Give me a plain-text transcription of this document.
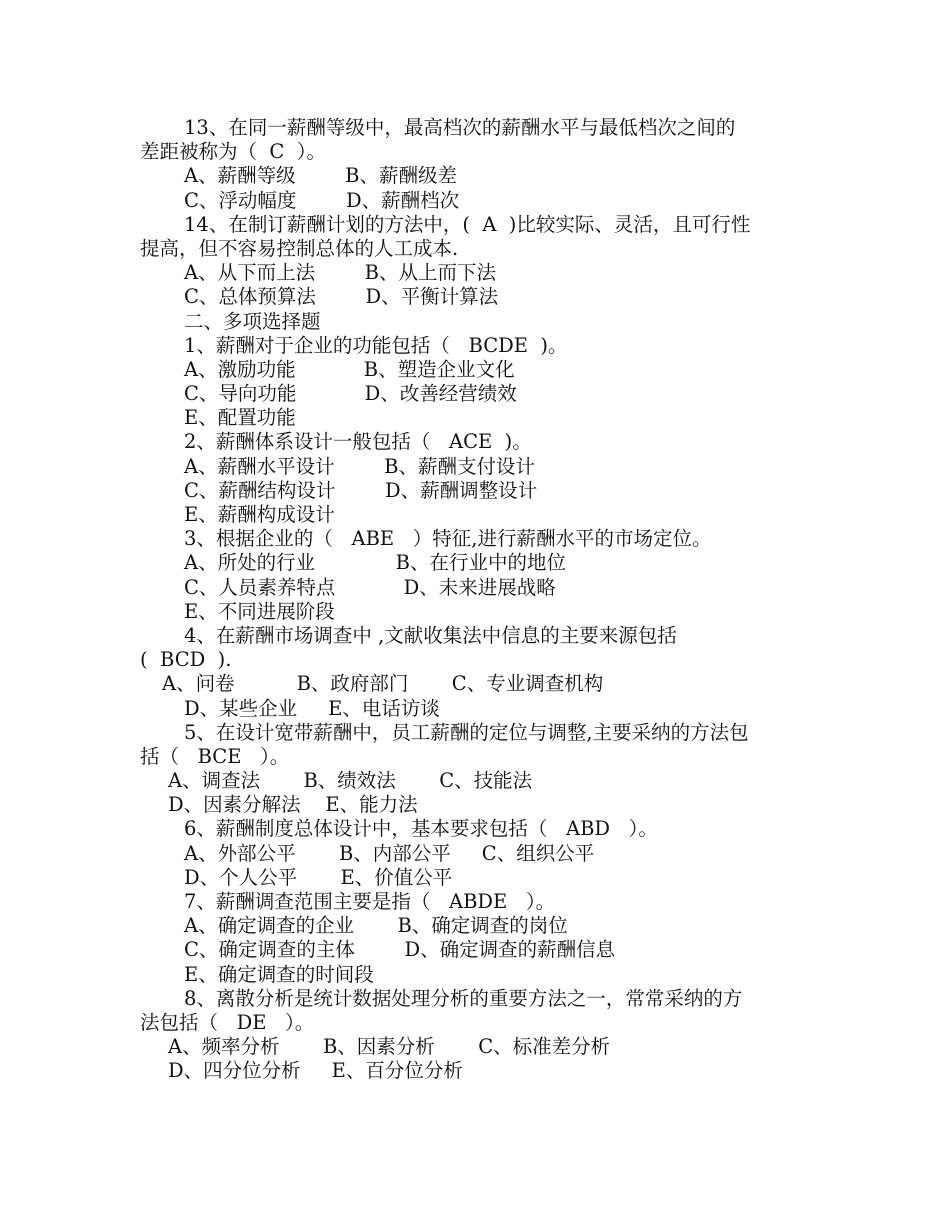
13、在同一薪酬等级中，最高档次的薪酬水平与最低档次之间的
差距被称为（  C  ）。
A、薪酬等级        B、薪酬级差
C、浮动幅度        D、薪酬档次
14、在制订薪酬计划的方法中，(  A  )比较实际、灵活，且可行性
提高，但不容易控制总体的人工成本.
A、从下而上法        B、从上而下法
C、总体预算法        D、平衡计算法
二、多项选择题
1、薪酬对于企业的功能包括（   BCDE  )。
A、激励功能           B、塑造企业文化
C、导向功能           D、改善经营绩效
E、配置功能
2、薪酬体系设计一般包括（   ACE  )。
A、薪酬水平设计        B、薪酬支付设计
C、薪酬结构设计        D、薪酬调整设计
E、薪酬构成设计
3、根据企业的（   ABE   ）特征,进行薪酬水平的市场定位。
A、所处的行业             B、在行业中的地位
C、人员素养特点           D、未来进展战略
E、不同进展阶段
4、在薪酬市场调查中 ,文献收集法中信息的主要来源包括
(  BCD  ).
A、问卷          B、政府部门       C、专业调查机构
D、某些企业     E、电话访谈
5、在设计宽带薪酬中，员工薪酬的定位与调整,主要采纳的方法包
括（   BCE   ）。
A、调查法       B、绩效法       C、技能法
D、因素分解法    E、能力法
6、薪酬制度总体设计中，基本要求包括（   ABD   ）。
A、外部公平       B、内部公平     C、组织公平
D、个人公平       E、价值公平
7、薪酬调查范围主要是指（   ABDE   ）。
A、确定调查的企业       B、确定调查的岗位
C、确定调查的主体        D、确定调查的薪酬信息
E、确定调查的时间段
8、离散分析是统计数据处理分析的重要方法之一，常常采纳的方
法包括（   DE   ）。
A、频率分析       B、因素分析       C、标准差分析
D、四分位分析     E、百分位分析
